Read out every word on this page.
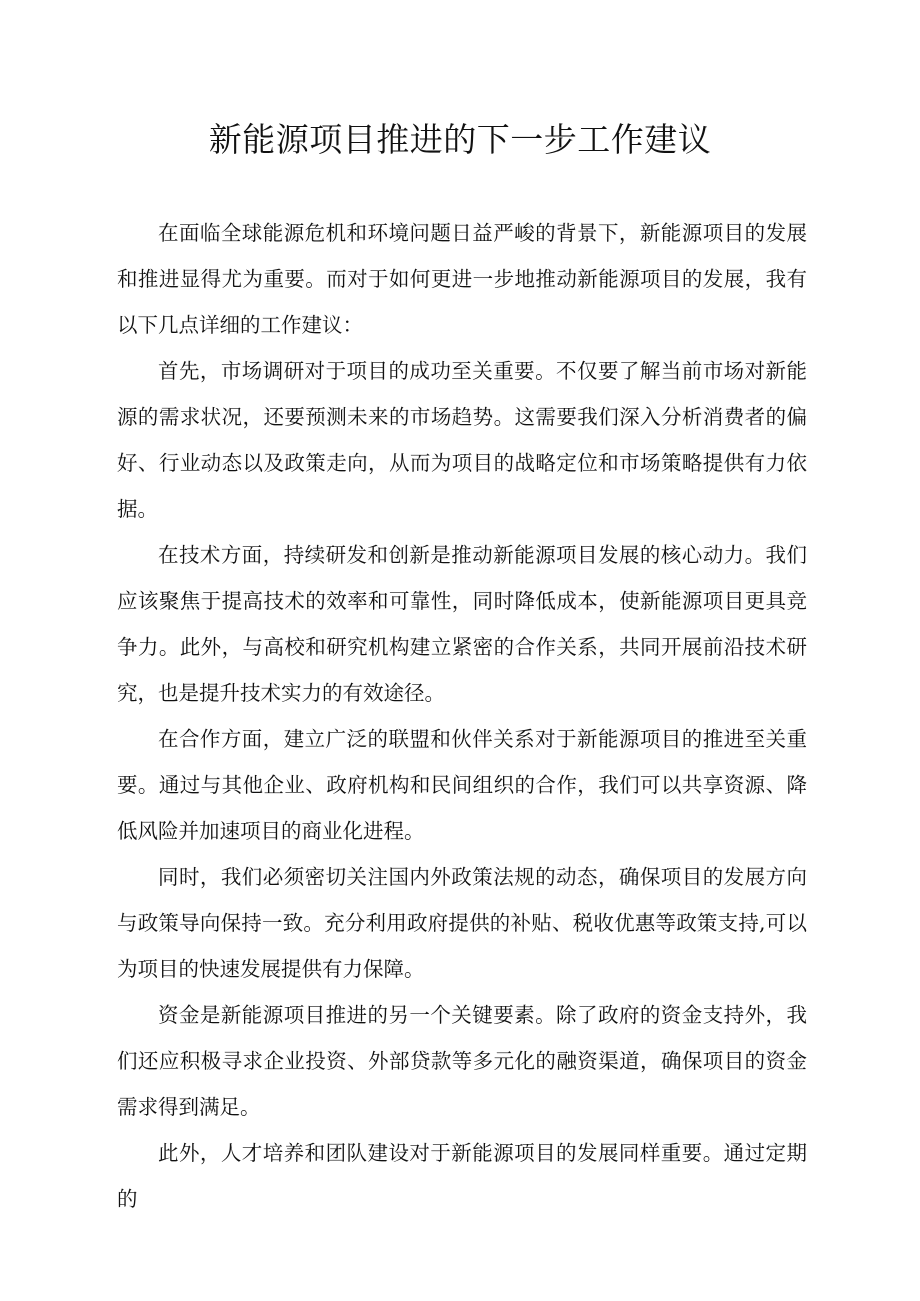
新能源项目推进的下一步工作建议

在面临全球能源危机和环境问题日益严峻的背景下，新能源项目的发展和推进显得尤为重要。而对于如何更进一步地推动新能源项目的发展，我有以下几点详细的工作建议：

首先，市场调研对于项目的成功至关重要。不仅要了解当前市场对新能源的需求状况，还要预测未来的市场趋势。这需要我们深入分析消费者的偏好、行业动态以及政策走向，从而为项目的战略定位和市场策略提供有力依据。

在技术方面，持续研发和创新是推动新能源项目发展的核心动力。我们应该聚焦于提高技术的效率和可靠性，同时降低成本，使新能源项目更具竞争力。此外，与高校和研究机构建立紧密的合作关系，共同开展前沿技术研究，也是提升技术实力的有效途径。

在合作方面，建立广泛的联盟和伙伴关系对于新能源项目的推进至关重要。通过与其他企业、政府机构和民间组织的合作，我们可以共享资源、降低风险并加速项目的商业化进程。

同时，我们必须密切关注国内外政策法规的动态，确保项目的发展方向与政策导向保持一致。充分利用政府提供的补贴、税收优惠等政策支持,可以为项目的快速发展提供有力保障。

资金是新能源项目推进的另一个关键要素。除了政府的资金支持外，我们还应积极寻求企业投资、外部贷款等多元化的融资渠道，确保项目的资金需求得到满足。

此外，人才培养和团队建设对于新能源项目的发展同样重要。通过定期的
